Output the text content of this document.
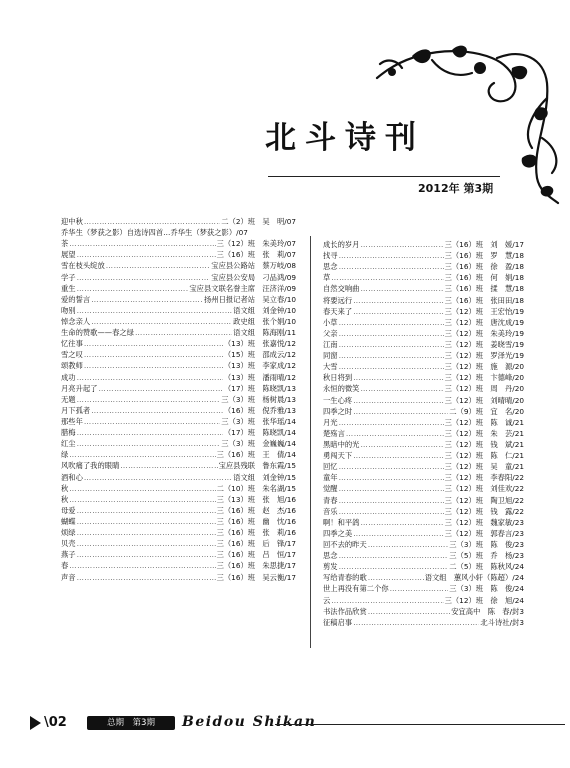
北斗诗刊
2012年 第3期
迎中秋 …………………………………………………………………………………………………………………………………………	二（2）班　吴　明/07
乔华生（梦获之影）自选诗四首…乔华生（梦获之影）/07
茶 …………………………………………………………………………………………………………………………………………	三（12）班　朱美玲/07
展望 …………………………………………………………………………………………………………………………………………	三（16）班　张　莉/07
雪在枝头绽放 …………………………………………………………………………………………………………………………………………	宝应县公路站　蔡万岐/08
学子 …………………………………………………………………………………………………………………………………………	宝应县公安局　刁品鸿/09
重生 …………………………………………………………………………………………………………………………………………	宝应县文联名誉主席　汪济洋/09
爱的誓言 …………………………………………………………………………………………………………………………………………	扬州日报记者站　吴立春/10
吻别 …………………………………………………………………………………………………………………………………………	语文组　刘金钟/10
悼念亲人 …………………………………………………………………………………………………………………………………………	政史组　张个娟/10
生命的赞歌——春之绿 …………………………………………………………………………………………………………………………………………	语文组　陈海刚/11
忆往事 …………………………………………………………………………………………………………………………………………	（13）班　张嘉悦/12
雪之叹 …………………………………………………………………………………………………………………………………………	（15）班　邵成云/12
颂教师 …………………………………………………………………………………………………………………………………………	（13）班　李家成/12
成功 …………………………………………………………………………………………………………………………………………	（13）班　潘雨晴/12
月亮升起了 …………………………………………………………………………………………………………………………………………	（17）班　陈晓凯/13
无题 …………………………………………………………………………………………………………………………………………	三（3）班　杨树晨/13
月下孤者 …………………………………………………………………………………………………………………………………………	（16）班　倪乔雅/13
那些年 …………………………………………………………………………………………………………………………………………	三（3）班　张华瑶/14
腊梅 …………………………………………………………………………………………………………………………………………	（17）班　陈晓凯/14
红尘 …………………………………………………………………………………………………………………………………………	三（3）班　金巍巍/14
绿 …………………………………………………………………………………………………………………………………………	三（16）班　王　倩/14
风吹痛了我的眼睛 …………………………………………………………………………………………………………………………………………	宝应县残联　鲁东霞/15
酒和心 …………………………………………………………………………………………………………………………………………	语文组　刘金钟/15
秋 …………………………………………………………………………………………………………………………………………	二（10）班　朱名湖/15
秋 …………………………………………………………………………………………………………………………………………	三（13）班　张　旭/16
母爱 …………………………………………………………………………………………………………………………………………	三（16）班　赵　杰/16
蝴蝶 …………………………………………………………………………………………………………………………………………	三（16）班　幽　忱/16
烦绿 …………………………………………………………………………………………………………………………………………	三（16）班　张　莉/16
贝壳 …………………………………………………………………………………………………………………………………………	三（16）班　后　锋/17
燕子 …………………………………………………………………………………………………………………………………………	三（16）班　吕　恒/17
春 …………………………………………………………………………………………………………………………………………	三（16）班　朱思捷/17
声音 …………………………………………………………………………………………………………………………………………	三（16）班　吴云衡/17
成长的岁月 …………………………………………………………………………………………………………………………………………	三（16）班　刘　媛/17
找寻 …………………………………………………………………………………………………………………………………………	三（16）班　罗　慧/18
思念 …………………………………………………………………………………………………………………………………………	三（16）班　徐　盈/18
草 …………………………………………………………………………………………………………………………………………	三（16）班　何　娟/18
自然交响曲 …………………………………………………………………………………………………………………………………………	三（16）班　揉　慧/18
将要远行 …………………………………………………………………………………………………………………………………………	三（16）班　张田田/18
春天来了 …………………………………………………………………………………………………………………………………………	三（12）班　王宏怡/19
小草 …………………………………………………………………………………………………………………………………………	三（12）班　唐沈成/19
父亲 …………………………………………………………………………………………………………………………………………	三（12）班　朱美玲/19
江南 …………………………………………………………………………………………………………………………………………	三（12）班　姜晓雪/19
同窗 …………………………………………………………………………………………………………………………………………	三（12）班　罗泽光/19
大雪 …………………………………………………………………………………………………………………………………………	三（12）班　施　源/20
秋日将到 …………………………………………………………………………………………………………………………………………	三（12）班　卞德峰/20
永恒的微笑 …………………………………………………………………………………………………………………………………………	三（12）班　周　丹/20
一生心疼 …………………………………………………………………………………………………………………………………………	三（12）班　刘晴晴/20
四季之时 …………………………………………………………………………………………………………………………………………	二（9）班　宜　名/20
月光 …………………………………………………………………………………………………………………………………………	三（12）班　陈　诚/21
楚殇言 …………………………………………………………………………………………………………………………………………	三（12）班　朱　芸/21
黑暗中的光 …………………………………………………………………………………………………………………………………………	三（12）班　钱　斌/21
勇闯天下 …………………………………………………………………………………………………………………………………………	三（12）班　陈　仁/21
回忆 …………………………………………………………………………………………………………………………………………	三（12）班　吴　童/21
童年 …………………………………………………………………………………………………………………………………………	三（12）班　李春阳/22
觉醒 …………………………………………………………………………………………………………………………………………	三（12）班　刘佳欢/22
青春 …………………………………………………………………………………………………………………………………………	三（12）班　陶卫旭/22
音乐 …………………………………………………………………………………………………………………………………………	三（12）班　钱　露/22
啊！和平鸽 …………………………………………………………………………………………………………………………………………	三（12）班　魏家敏/23
四季之美 …………………………………………………………………………………………………………………………………………	三（12）班　郭春言/23
回不去的昨天 …………………………………………………………………………………………………………………………………………	三（3）班　陈　俊/23
思念 …………………………………………………………………………………………………………………………………………	三（5）班　乔　杨/23
剪发 …………………………………………………………………………………………………………………………………………	二（5）班　陈秋风/24
写给青春的歌 …………………………………………………………………………………………………………………………………………	语文组　蕙风小轩（陈超）/24
世上再没有第二个你 …………………………………………………………………………………………………………………………………………	三（3）班　陈　俊/24
云 …………………………………………………………………………………………………………………………………………	三（12）班　徐　旭/24
书法作品欣赏 …………………………………………………………………………………………………………………………………………	安宜高中　陈　春/封3
征稿启事 …………………………………………………………………………………………………………………………………………	北斗诗社/封3
\02	总期　第3期	Beidou Shikan
